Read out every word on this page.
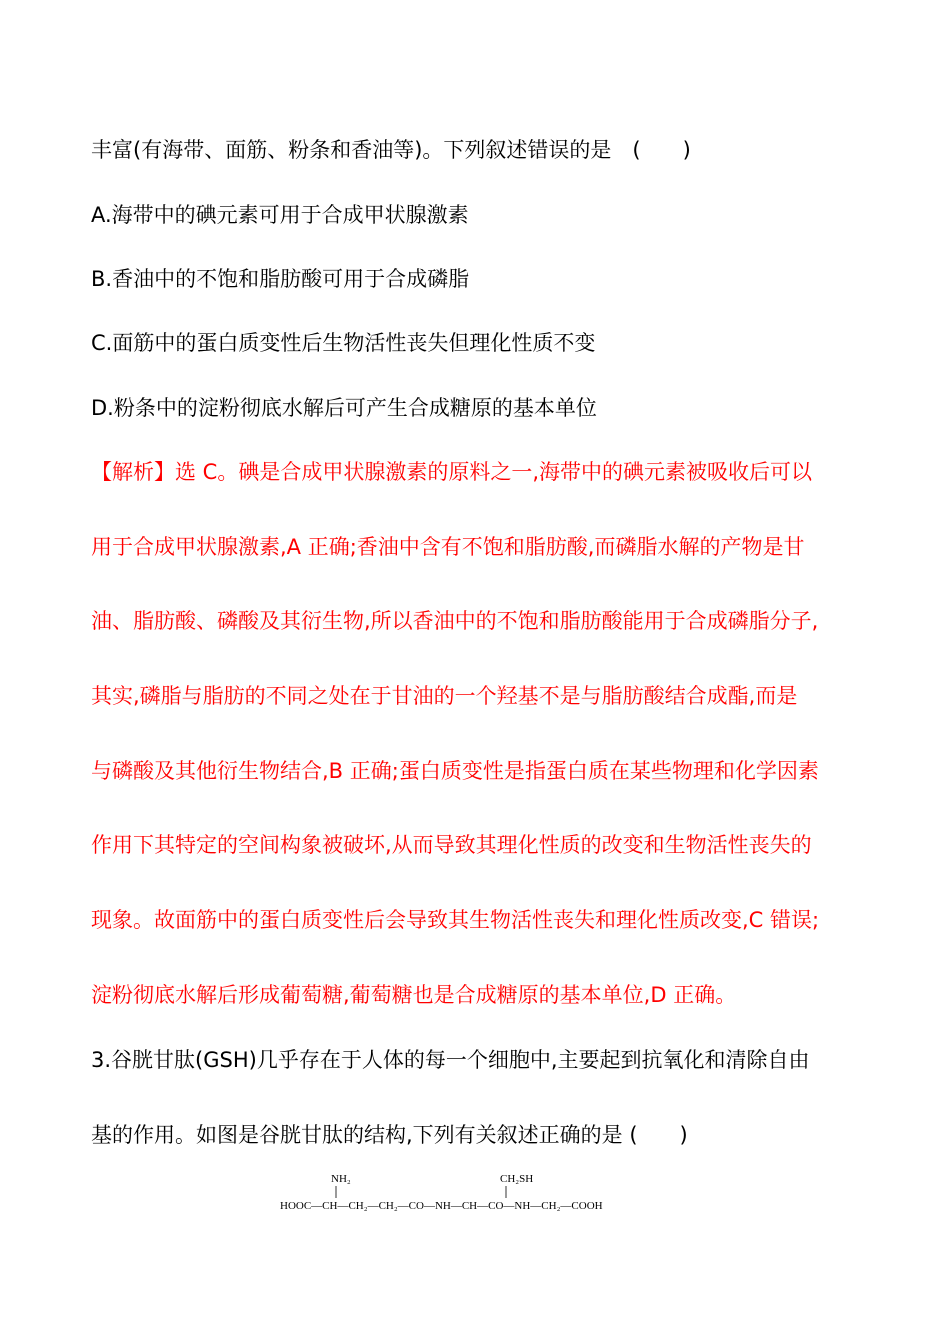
丰富(有海带、面筋、粉条和香油等)。下列叙述错误的是　(　　)
A.海带中的碘元素可用于合成甲状腺激素
B.香油中的不饱和脂肪酸可用于合成磷脂
C.面筋中的蛋白质变性后生物活性丧失但理化性质不变
D.粉条中的淀粉彻底水解后可产生合成糖原的基本单位
【解析】选 C。碘是合成甲状腺激素的原料之一,海带中的碘元素被吸收后可以
用于合成甲状腺激素,A 正确;香油中含有不饱和脂肪酸,而磷脂水解的产物是甘
油、脂肪酸、磷酸及其衍生物,所以香油中的不饱和脂肪酸能用于合成磷脂分子,
其实,磷脂与脂肪的不同之处在于甘油的一个羟基不是与脂肪酸结合成酯,而是
与磷酸及其他衍生物结合,B 正确;蛋白质变性是指蛋白质在某些物理和化学因素
作用下其特定的空间构象被破坏,从而导致其理化性质的改变和生物活性丧失的
现象。故面筋中的蛋白质变性后会导致其生物活性丧失和理化性质改变,C 错误;
淀粉彻底水解后形成葡萄糖,葡萄糖也是合成糖原的基本单位,D 正确。
3.谷胱甘肽(GSH)几乎存在于人体的每一个细胞中,主要起到抗氧化和清除自由
基的作用。如图是谷胱甘肽的结构,下列有关叙述正确的是 (　　)
NH₂	CH₂SH
HOOC—CH—CH₂—CH₂—CO—NH—CH—CO—NH—CH₂—COOH
